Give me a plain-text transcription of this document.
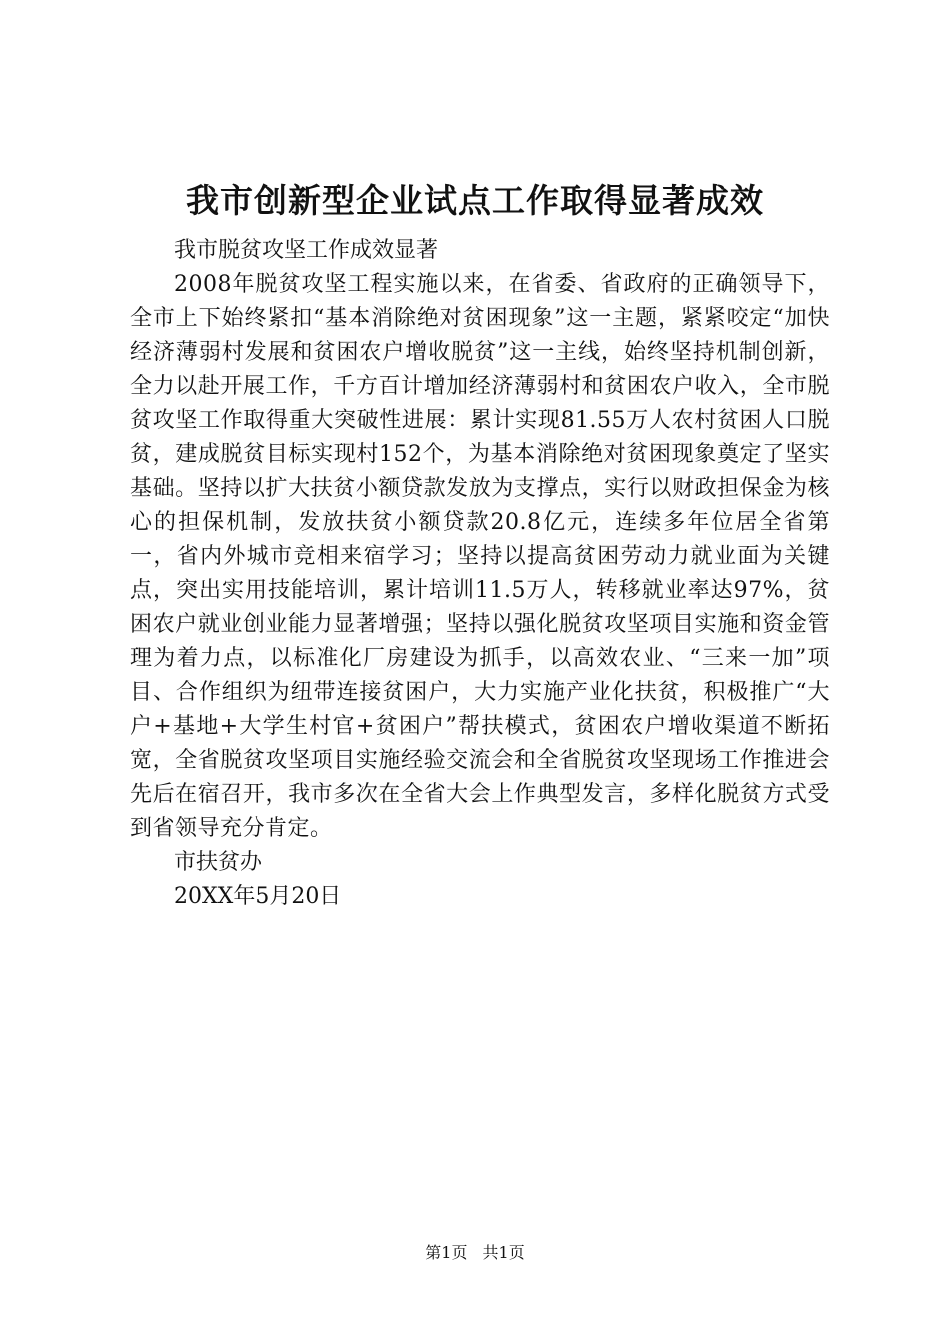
我市创新型企业试点工作取得显著成效

我市脱贫攻坚工作成效显著

2008年脱贫攻坚工程实施以来，在省委、省政府的正确领导下，全市上下始终紧扣“基本消除绝对贫困现象”这一主题，紧紧咬定“加快经济薄弱村发展和贫困农户增收脱贫”这一主线，始终坚持机制创新，全力以赴开展工作，千方百计增加经济薄弱村和贫困农户收入，全市脱贫攻坚工作取得重大突破性进展：累计实现81.55万人农村贫困人口脱贫，建成脱贫目标实现村152个，为基本消除绝对贫困现象奠定了坚实基础。坚持以扩大扶贫小额贷款发放为支撑点，实行以财政担保金为核心的担保机制，发放扶贫小额贷款20.8亿元，连续多年位居全省第一，省内外城市竞相来宿学习；坚持以提高贫困劳动力就业面为关键点，突出实用技能培训，累计培训11.5万人，转移就业率达97%，贫困农户就业创业能力显著增强；坚持以强化脱贫攻坚项目实施和资金管理为着力点，以标准化厂房建设为抓手，以高效农业、“三来一加”项目、合作组织为纽带连接贫困户，大力实施产业化扶贫，积极推广“大户+基地+大学生村官+贫困户”帮扶模式，贫困农户增收渠道不断拓宽，全省脱贫攻坚项目实施经验交流会和全省脱贫攻坚现场工作推进会先后在宿召开，我市多次在全省大会上作典型发言，多样化脱贫方式受到省领导充分肯定。

市扶贫办

20XX年5月20日

第1页 共1页
